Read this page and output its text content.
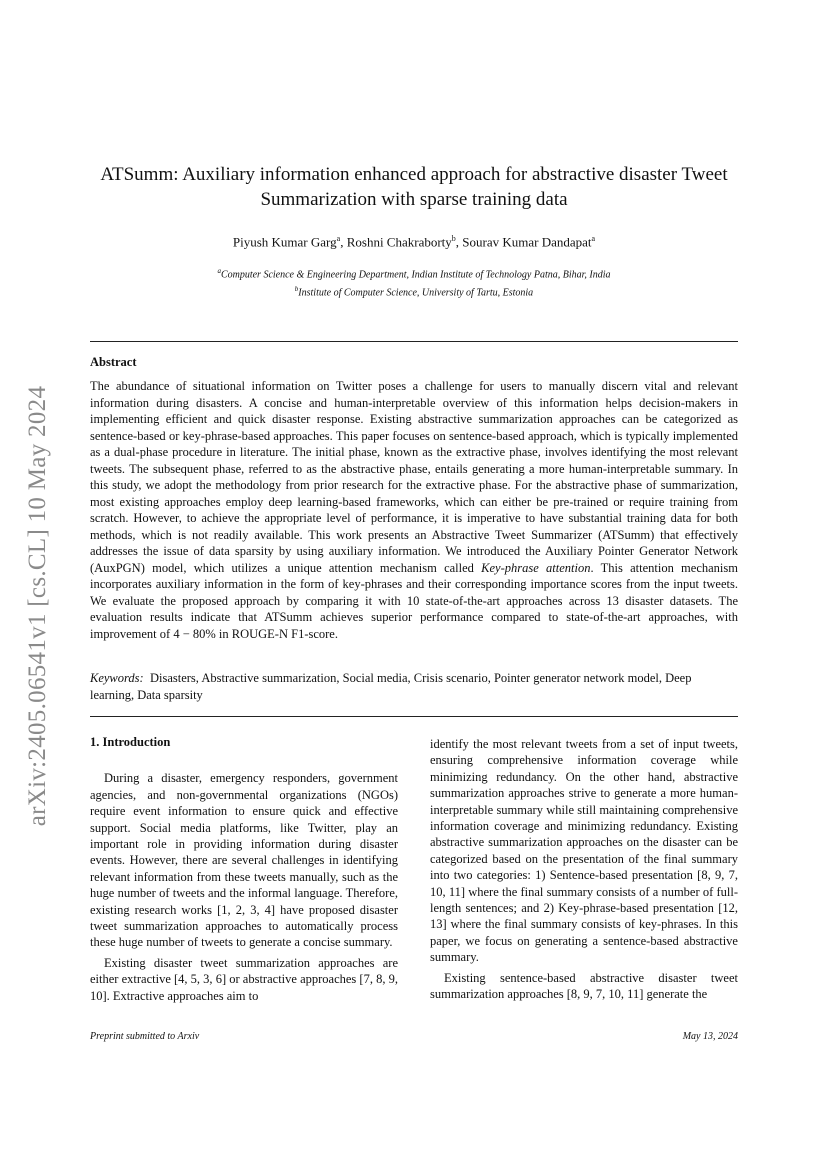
arXiv:2405.06541v1 [cs.CL] 10 May 2024
ATSumm: Auxiliary information enhanced approach for abstractive disaster Tweet Summarization with sparse training data
Piyush Kumar Garg$^a$, Roshni Chakraborty$^b$, Sourav Kumar Dandapat$^a$
$^a$Computer Science & Engineering Department, Indian Institute of Technology Patna, Bihar, India
$^b$Institute of Computer Science, University of Tartu, Estonia
Abstract
The abundance of situational information on Twitter poses a challenge for users to manually discern vital and relevant information during disasters. A concise and human-interpretable overview of this information helps decision-makers in implementing efficient and quick disaster response. Existing abstractive summarization approaches can be categorized as sentence-based or key-phrase-based approaches. This paper focuses on sentence-based approach, which is typically implemented as a dual-phase procedure in literature. The initial phase, known as the extractive phase, involves identifying the most relevant tweets. The subsequent phase, referred to as the abstractive phase, entails generating a more human-interpretable summary. In this study, we adopt the methodology from prior research for the extractive phase. For the abstractive phase of summarization, most existing approaches employ deep learning-based frameworks, which can either be pre-trained or require training from scratch. However, to achieve the appropriate level of performance, it is imperative to have substantial training data for both methods, which is not readily available. This work presents an Abstractive Tweet Summarizer (ATSumm) that effectively addresses the issue of data sparsity by using auxiliary information. We introduced the Auxiliary Pointer Generator Network (AuxPGN) model, which utilizes a unique attention mechanism called Key-phrase attention. This attention mechanism incorporates auxiliary information in the form of key-phrases and their corresponding importance scores from the input tweets. We evaluate the proposed approach by comparing it with 10 state-of-the-art approaches across 13 disaster datasets. The evaluation results indicate that ATSumm achieves superior performance compared to state-of-the-art approaches, with improvement of 4 − 80% in ROUGE-N F1-score.
Keywords: Disasters, Abstractive summarization, Social media, Crisis scenario, Pointer generator network model, Deep learning, Data sparsity
1. Introduction

During a disaster, emergency responders, government agencies, and non-governmental organizations (NGOs) require event information to ensure quick and effective support. Social media platforms, like Twitter, play an important role in providing information during disaster events. However, there are several challenges in identifying relevant information from these tweets manually, such as the huge number of tweets and the informal language. Therefore, existing research works [1, 2, 3, 4] have proposed disaster tweet summarization approaches to automatically process these huge number of tweets to generate a concise summary.

Existing disaster tweet summarization approaches are either extractive [4, 5, 3, 6] or abstractive approaches [7, 8, 9, 10]. Extractive approaches aim to

identify the most relevant tweets from a set of input tweets, ensuring comprehensive information coverage while minimizing redundancy. On the other hand, abstractive summarization approaches strive to generate a more human-interpretable summary while still maintaining comprehensive information coverage and minimizing redundancy. Existing abstractive summarization approaches on the disaster can be categorized based on the presentation of the final summary into two categories: 1) Sentence-based presentation [8, 9, 7, 10, 11] where the final summary consists of a number of full-length sentences; and 2) Key-phrase-based presentation [12, 13] where the final summary consists of key-phrases. In this paper, we focus on generating a sentence-based abstractive summary.

Existing sentence-based abstractive disaster tweet summarization approaches [8, 9, 7, 10, 11] generate the

Preprint submitted to Arxiv	May 13, 2024
